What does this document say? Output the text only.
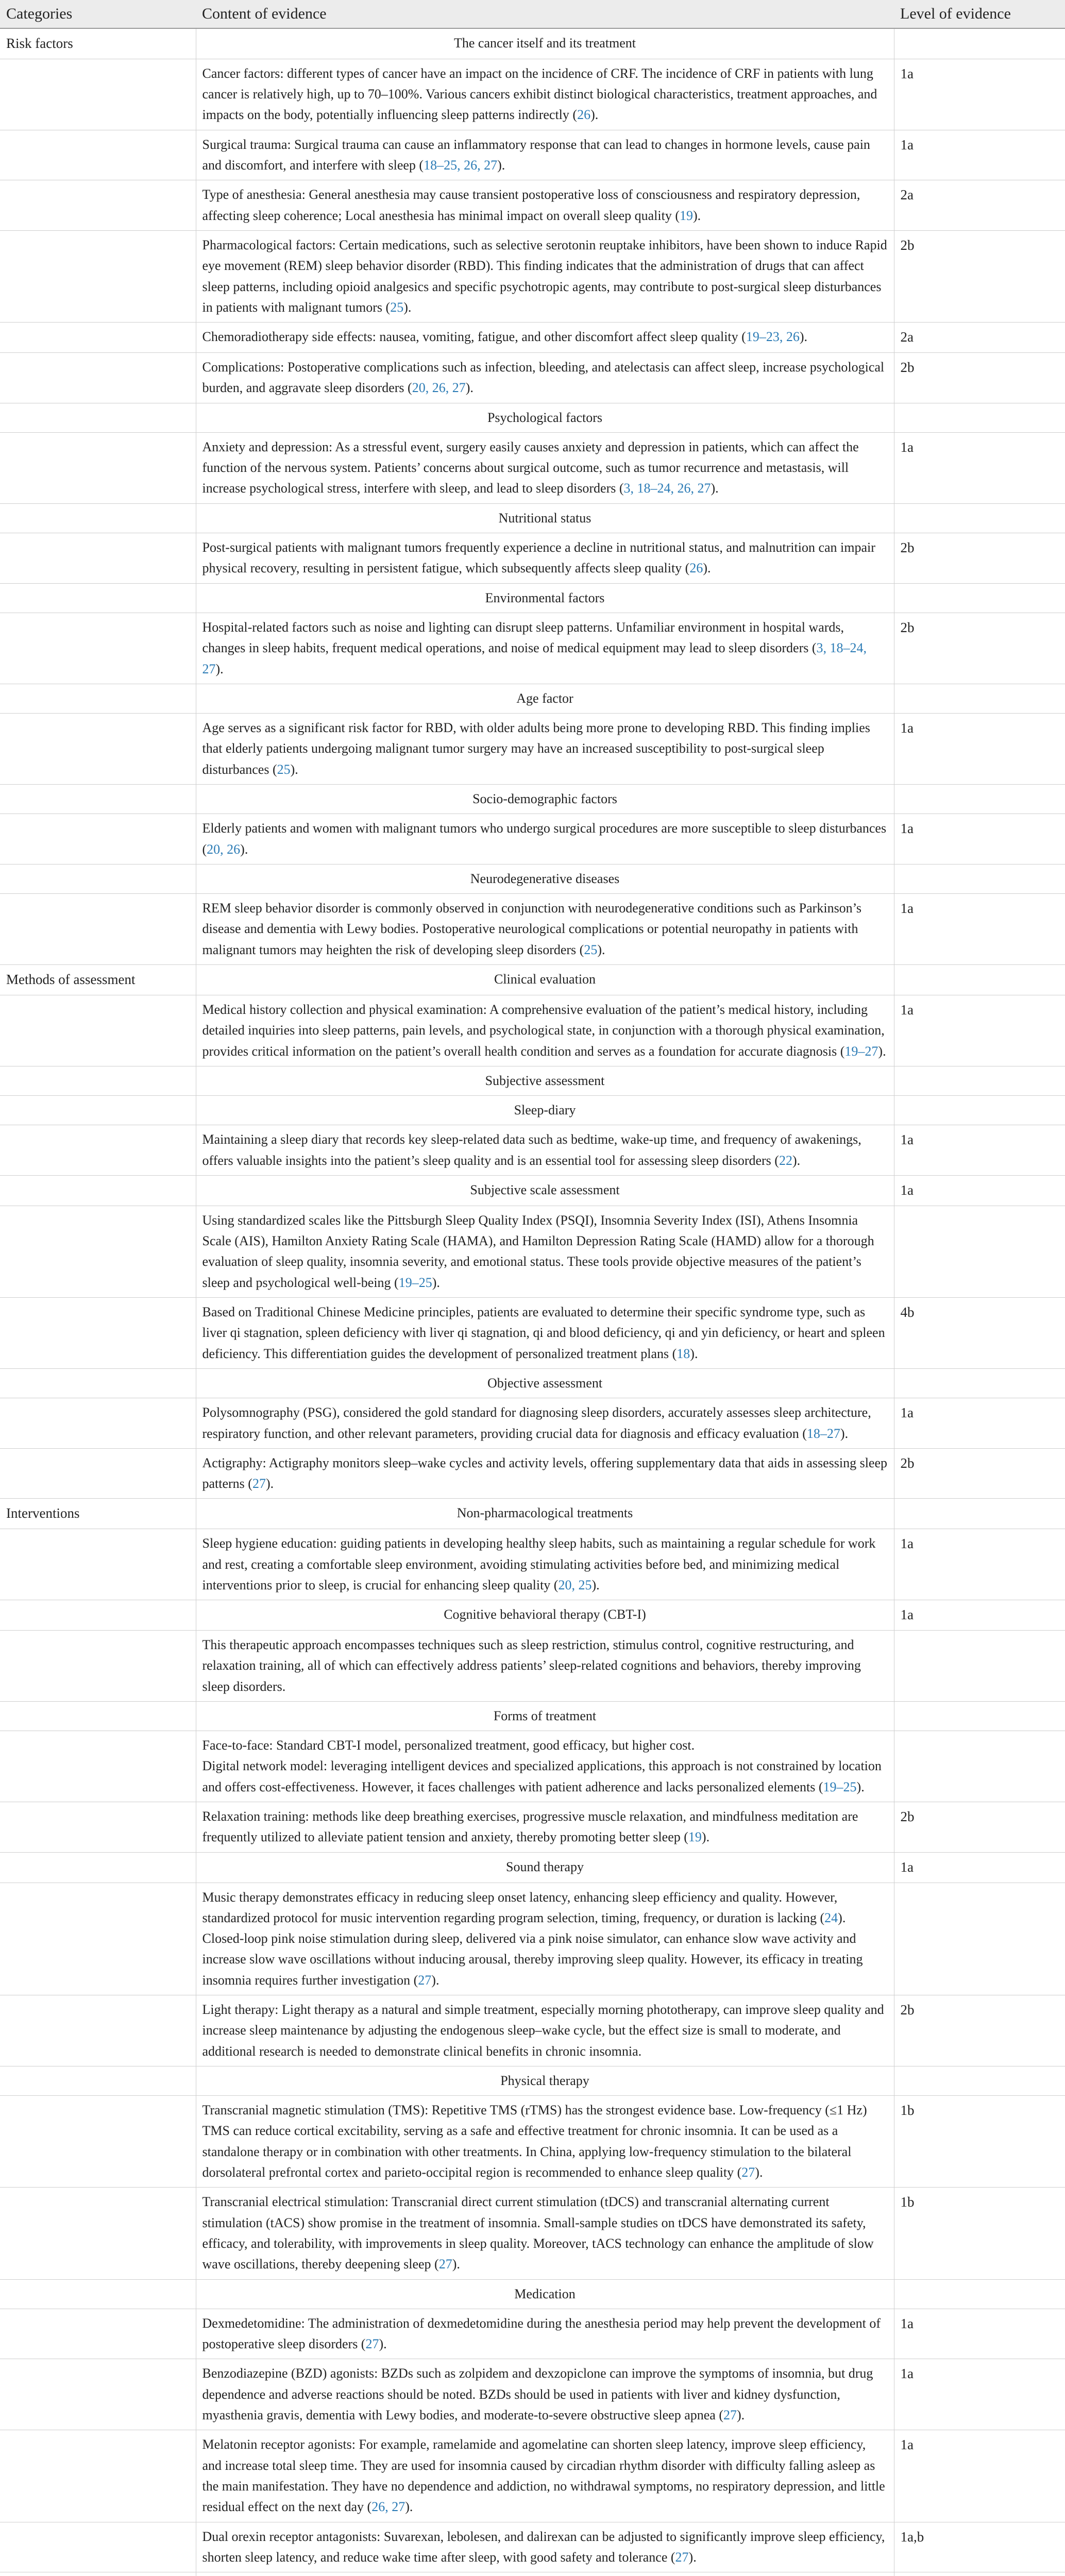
Categories	Content of evidence	Level of evidence
Risk factors	The cancer itself and its treatment	
	Cancer factors: different types of cancer have an impact on the incidence of CRF. The incidence of CRF in patients with lung cancer is relatively high, up to 70–100%. Various cancers exhibit distinct biological characteristics, treatment approaches, and impacts on the body, potentially influencing sleep patterns indirectly (26).	1a
	Surgical trauma: Surgical trauma can cause an inflammatory response that can lead to changes in hormone levels, cause pain and discomfort, and interfere with sleep (18–25, 26, 27).	1a
	Type of anesthesia: General anesthesia may cause transient postoperative loss of consciousness and respiratory depression, affecting sleep coherence; Local anesthesia has minimal impact on overall sleep quality (19).	2a
	Pharmacological factors: Certain medications, such as selective serotonin reuptake inhibitors, have been shown to induce Rapid eye movement (REM) sleep behavior disorder (RBD). This finding indicates that the administration of drugs that can affect sleep patterns, including opioid analgesics and specific psychotropic agents, may contribute to post-surgical sleep disturbances in patients with malignant tumors (25).	2b
	Chemoradiotherapy side effects: nausea, vomiting, fatigue, and other discomfort affect sleep quality (19–23, 26).	2a
	Complications: Postoperative complications such as infection, bleeding, and atelectasis can affect sleep, increase psychological burden, and aggravate sleep disorders (20, 26, 27).	2b
	Psychological factors	
	Anxiety and depression: As a stressful event, surgery easily causes anxiety and depression in patients, which can affect the function of the nervous system. Patients’ concerns about surgical outcome, such as tumor recurrence and metastasis, will increase psychological stress, interfere with sleep, and lead to sleep disorders (3, 18–24, 26, 27).	1a
	Nutritional status	
	Post-surgical patients with malignant tumors frequently experience a decline in nutritional status, and malnutrition can impair physical recovery, resulting in persistent fatigue, which subsequently affects sleep quality (26).	2b
	Environmental factors	
	Hospital-related factors such as noise and lighting can disrupt sleep patterns. Unfamiliar environment in hospital wards, changes in sleep habits, frequent medical operations, and noise of medical equipment may lead to sleep disorders (3, 18–24, 27).	2b
	Age factor	
	Age serves as a significant risk factor for RBD, with older adults being more prone to developing RBD. This finding implies that elderly patients undergoing malignant tumor surgery may have an increased susceptibility to post-surgical sleep disturbances (25).	1a
	Socio-demographic factors	
	Elderly patients and women with malignant tumors who undergo surgical procedures are more susceptible to sleep disturbances (20, 26).	1a
	Neurodegenerative diseases	
	REM sleep behavior disorder is commonly observed in conjunction with neurodegenerative conditions such as Parkinson’s disease and dementia with Lewy bodies. Postoperative neurological complications or potential neuropathy in patients with malignant tumors may heighten the risk of developing sleep disorders (25).	1a
Methods of assessment	Clinical evaluation	
	Medical history collection and physical examination: A comprehensive evaluation of the patient’s medical history, including detailed inquiries into sleep patterns, pain levels, and psychological state, in conjunction with a thorough physical examination, provides critical information on the patient’s overall health condition and serves as a foundation for accurate diagnosis (19–27).	1a
	Subjective assessment	
	Sleep-diary	
	Maintaining a sleep diary that records key sleep-related data such as bedtime, wake-up time, and frequency of awakenings, offers valuable insights into the patient’s sleep quality and is an essential tool for assessing sleep disorders (22).	1a
	Subjective scale assessment	1a
	Using standardized scales like the Pittsburgh Sleep Quality Index (PSQI), Insomnia Severity Index (ISI), Athens Insomnia Scale (AIS), Hamilton Anxiety Rating Scale (HAMA), and Hamilton Depression Rating Scale (HAMD) allow for a thorough evaluation of sleep quality, insomnia severity, and emotional status. These tools provide objective measures of the patient’s sleep and psychological well-being (19–25).	
	Based on Traditional Chinese Medicine principles, patients are evaluated to determine their specific syndrome type, such as liver qi stagnation, spleen deficiency with liver qi stagnation, qi and blood deficiency, qi and yin deficiency, or heart and spleen deficiency. This differentiation guides the development of personalized treatment plans (18).	4b
	Objective assessment	
	Polysomnography (PSG), considered the gold standard for diagnosing sleep disorders, accurately assesses sleep architecture, respiratory function, and other relevant parameters, providing crucial data for diagnosis and efficacy evaluation (18–27).	1a
	Actigraphy: Actigraphy monitors sleep–wake cycles and activity levels, offering supplementary data that aids in assessing sleep patterns (27).	2b
Interventions	Non-pharmacological treatments	
	Sleep hygiene education: guiding patients in developing healthy sleep habits, such as maintaining a regular schedule for work and rest, creating a comfortable sleep environment, avoiding stimulating activities before bed, and minimizing medical interventions prior to sleep, is crucial for enhancing sleep quality (20, 25).	1a
	Cognitive behavioral therapy (CBT-I)	1a
	This therapeutic approach encompasses techniques such as sleep restriction, stimulus control, cognitive restructuring, and relaxation training, all of which can effectively address patients’ sleep-related cognitions and behaviors, thereby improving sleep disorders.	
	Forms of treatment	
	Face-to-face: Standard CBT-I model, personalized treatment, good efficacy, but higher cost.
Digital network model: leveraging intelligent devices and specialized applications, this approach is not constrained by location and offers cost-effectiveness. However, it faces challenges with patient adherence and lacks personalized elements (19–25).	
	Relaxation training: methods like deep breathing exercises, progressive muscle relaxation, and mindfulness meditation are frequently utilized to alleviate patient tension and anxiety, thereby promoting better sleep (19).	2b
	Sound therapy	1a
	Music therapy demonstrates efficacy in reducing sleep onset latency, enhancing sleep efficiency and quality. However, standardized protocol for music intervention regarding program selection, timing, frequency, or duration is lacking (24).
Closed-loop pink noise stimulation during sleep, delivered via a pink noise simulator, can enhance slow wave activity and increase slow wave oscillations without inducing arousal, thereby improving sleep quality. However, its efficacy in treating insomnia requires further investigation (27).	
	Light therapy: Light therapy as a natural and simple treatment, especially morning phototherapy, can improve sleep quality and increase sleep maintenance by adjusting the endogenous sleep–wake cycle, but the effect size is small to moderate, and additional research is needed to demonstrate clinical benefits in chronic insomnia.	2b
	Physical therapy	
	Transcranial magnetic stimulation (TMS): Repetitive TMS (rTMS) has the strongest evidence base. Low-frequency (≤1 Hz) TMS can reduce cortical excitability, serving as a safe and effective treatment for chronic insomnia. It can be used as a standalone therapy or in combination with other treatments. In China, applying low-frequency stimulation to the bilateral dorsolateral prefrontal cortex and parieto-occipital region is recommended to enhance sleep quality (27).	1b
	Transcranial electrical stimulation: Transcranial direct current stimulation (tDCS) and transcranial alternating current stimulation (tACS) show promise in the treatment of insomnia. Small-sample studies on tDCS have demonstrated its safety, efficacy, and tolerability, with improvements in sleep quality. Moreover, tACS technology can enhance the amplitude of slow wave oscillations, thereby deepening sleep (27).	1b
	Medication	
	Dexmedetomidine: The administration of dexmedetomidine during the anesthesia period may help prevent the development of postoperative sleep disorders (27).	1a
	Benzodiazepine (BZD) agonists: BZDs such as zolpidem and dexzopiclone can improve the symptoms of insomnia, but drug dependence and adverse reactions should be noted. BZDs should be used in patients with liver and kidney dysfunction, myasthenia gravis, dementia with Lewy bodies, and moderate-to-severe obstructive sleep apnea (27).	1a
	Melatonin receptor agonists: For example, ramelamide and agomelatine can shorten sleep latency, improve sleep efficiency, and increase total sleep time. They are used for insomnia caused by circadian rhythm disorder with difficulty falling asleep as the main manifestation. They have no dependence and addiction, no withdrawal symptoms, no respiratory depression, and little residual effect on the next day (26, 27).	1a
	Dual orexin receptor antagonists: Suvarexan, lebolesen, and dalirexan can be adjusted to significantly improve sleep efficiency, shorten sleep latency, and reduce wake time after sleep, with good safety and tolerance (27).	1a,b
